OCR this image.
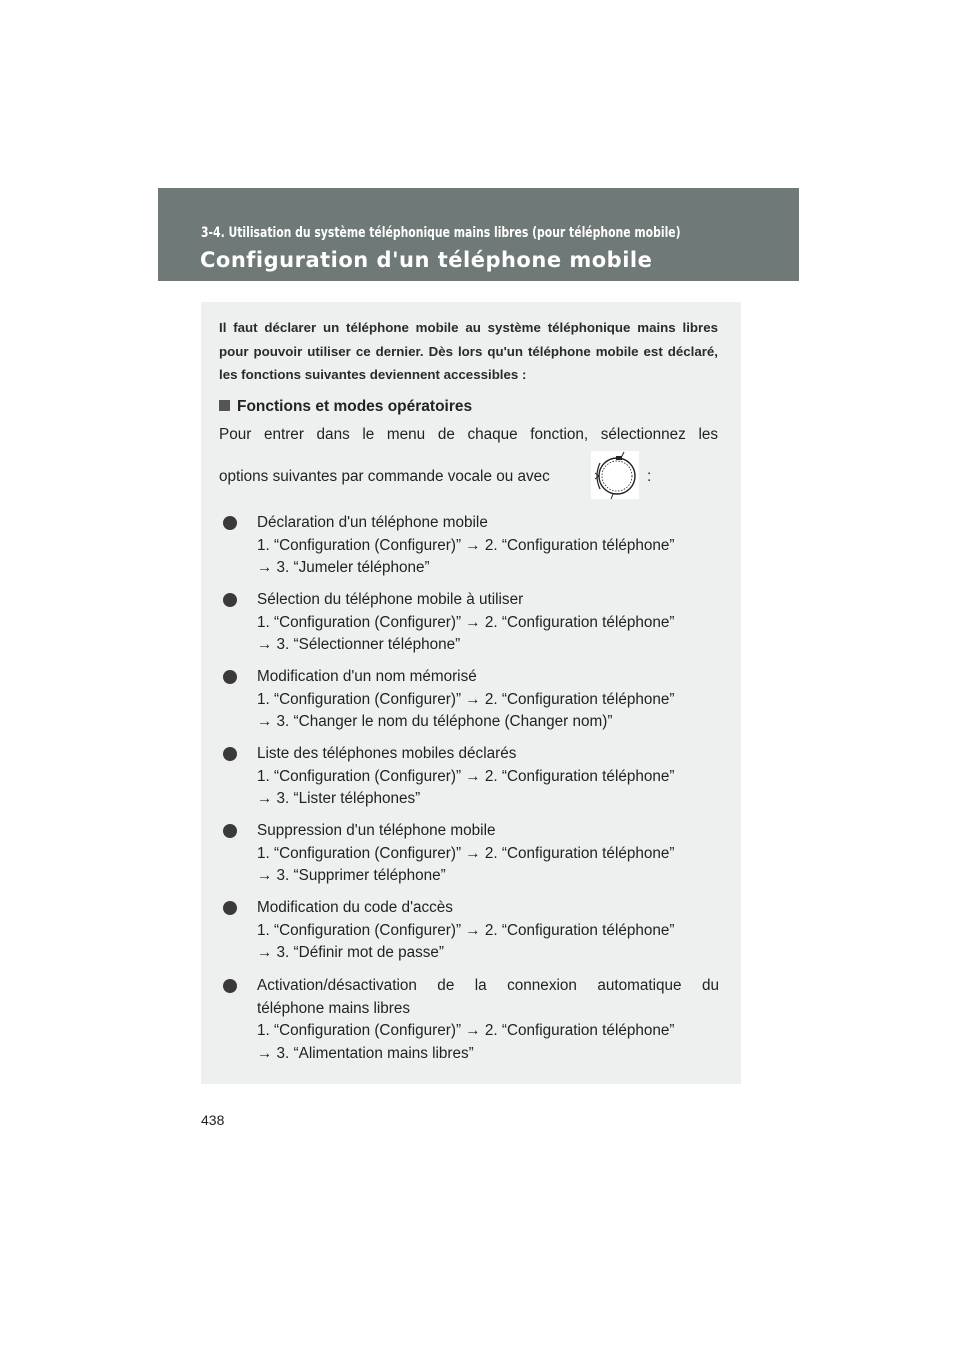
3-4. Utilisation du système téléphonique mains libres (pour téléphone mobile)
Configuration d'un téléphone mobile
Il faut déclarer un téléphone mobile au système téléphonique mains libres pour pouvoir utiliser ce dernier. Dès lors qu'un téléphone mobile est déclaré, les fonctions suivantes deviennent accessibles :
Fonctions et modes opératoires
Pour entrer dans le menu de chaque fonction, sélectionnez les
options suivantes par commande vocale ou avec	:
Déclaration d'un téléphone mobile
1. “Configuration (Configurer)” → 2. “Configuration téléphone”
→ 3. “Jumeler téléphone”
Sélection du téléphone mobile à utiliser
1. “Configuration (Configurer)” → 2. “Configuration téléphone”
→ 3. “Sélectionner téléphone”
Modification d'un nom mémorisé
1. “Configuration (Configurer)” → 2. “Configuration téléphone”
→ 3. “Changer le nom du téléphone (Changer nom)”
Liste des téléphones mobiles déclarés
1. “Configuration (Configurer)” → 2. “Configuration téléphone”
→ 3. “Lister téléphones”
Suppression d'un téléphone mobile
1. “Configuration (Configurer)” → 2. “Configuration téléphone”
→ 3. “Supprimer téléphone”
Modification du code d'accès
1. “Configuration (Configurer)” → 2. “Configuration téléphone”
→ 3. “Définir mot de passe”
Activation/désactivation de la connexion automatique du
téléphone mains libres
1. “Configuration (Configurer)” → 2. “Configuration téléphone”
→ 3. “Alimentation mains libres”
438
